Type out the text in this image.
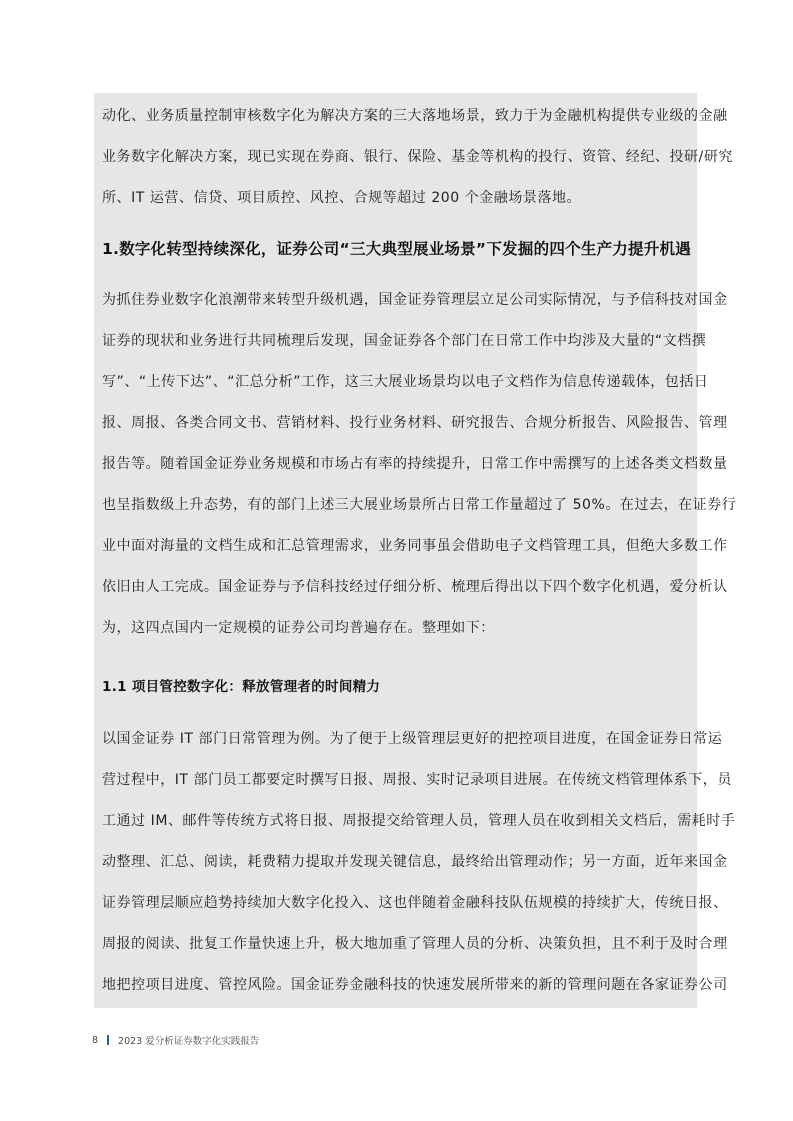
动化、业务质量控制审核数字化为解决方案的三大落地场景，致力于为金融机构提供专业级的金融
业务数字化解决方案，现已实现在券商、银行、保险、基金等机构的投行、资管、经纪、投研/研究
所、IT 运营、信贷、项目质控、风控、合规等超过 200 个金融场景落地。
1.数字化转型持续深化，证券公司“三大典型展业场景”下发掘的四个生产力提升机遇
为抓住券业数字化浪潮带来转型升级机遇，国金证券管理层立足公司实际情况，与予信科技对国金
证券的现状和业务进行共同梳理后发现，国金证券各个部门在日常工作中均涉及大量的“文档撰
写”、“上传下达”、“汇总分析”工作，这三大展业场景均以电子文档作为信息传递载体，包括日
报、周报、各类合同文书、营销材料、投行业务材料、研究报告、合规分析报告、风险报告、管理
报告等。随着国金证券业务规模和市场占有率的持续提升，日常工作中需撰写的上述各类文档数量
也呈指数级上升态势，有的部门上述三大展业场景所占日常工作量超过了 50%。在过去，在证券行
业中面对海量的文档生成和汇总管理需求，业务同事虽会借助电子文档管理工具，但绝大多数工作
依旧由人工完成。国金证券与予信科技经过仔细分析、梳理后得出以下四个数字化机遇，爱分析认
为，这四点国内一定规模的证券公司均普遍存在。整理如下：
1.1 项目管控数字化：释放管理者的时间精力
以国金证券 IT 部门日常管理为例。为了便于上级管理层更好的把控项目进度，在国金证券日常运
营过程中，IT 部门员工都要定时撰写日报、周报、实时记录项目进展。在传统文档管理体系下，员
工通过 IM、邮件等传统方式将日报、周报提交给管理人员，管理人员在收到相关文档后，需耗时手
动整理、汇总、阅读，耗费精力提取并发现关键信息，最终给出管理动作；另一方面，近年来国金
证券管理层顺应趋势持续加大数字化投入、这也伴随着金融科技队伍规模的持续扩大，传统日报、
周报的阅读、批复工作量快速上升，极大地加重了管理人员的分析、决策负担，且不利于及时合理
地把控项目进度、管控风险。国金证券金融科技的快速发展所带来的新的管理问题在各家证券公司
8 2023 爱分析证券数字化实践报告
